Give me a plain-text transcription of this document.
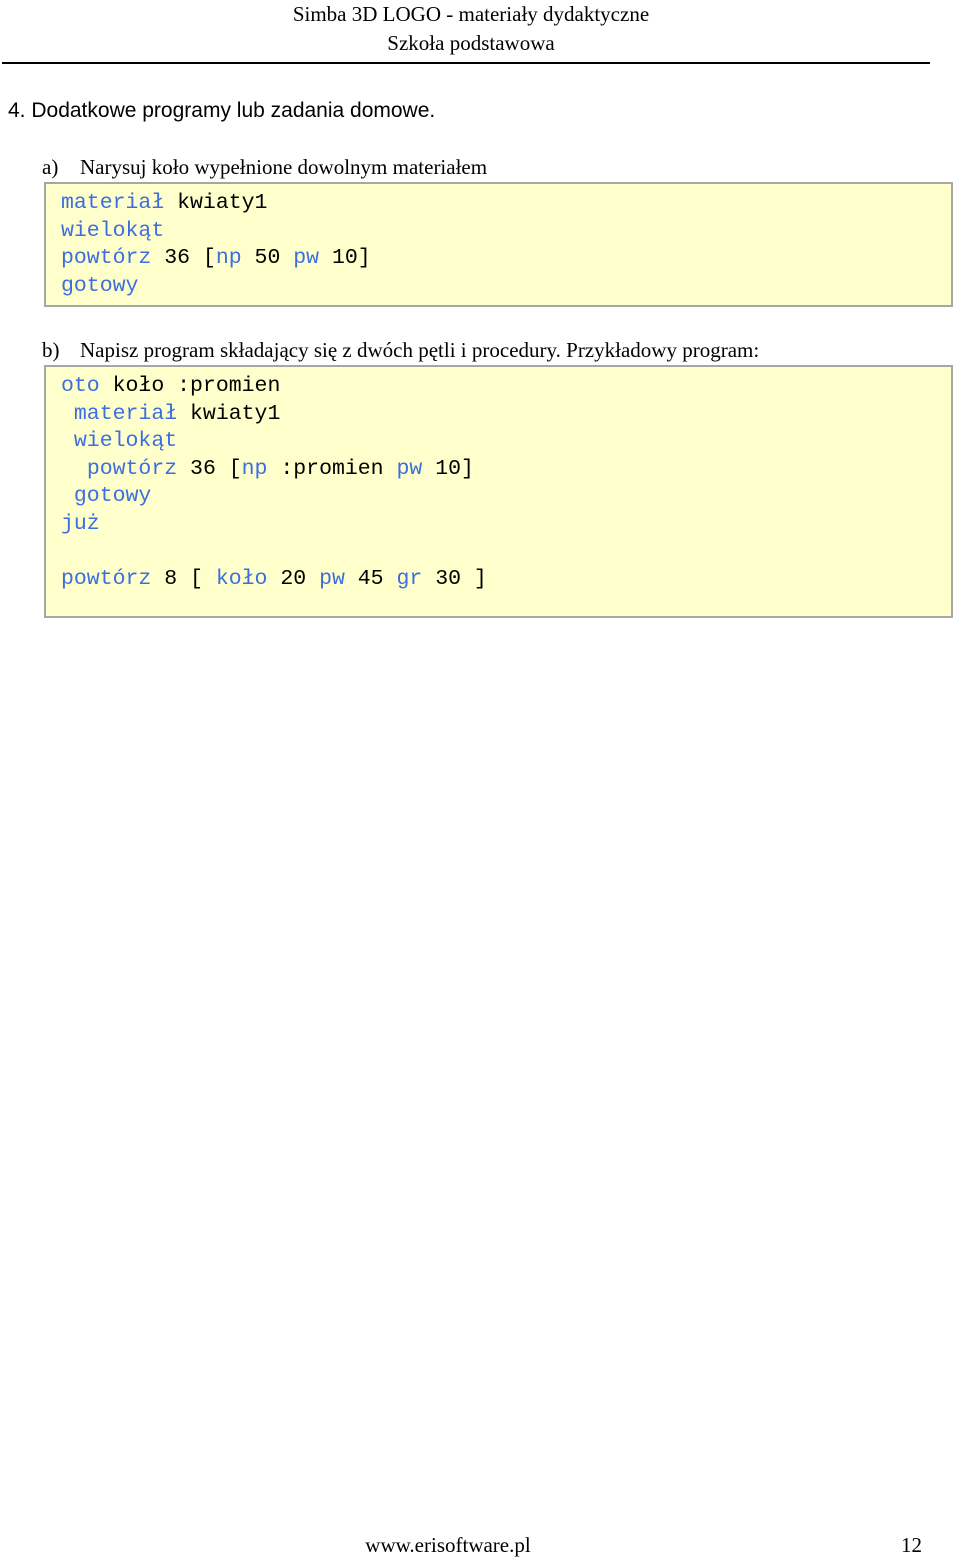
Simba 3D LOGO - materiały dydaktyczne
Szkoła podstawowa
4. Dodatkowe programy lub zadania domowe.
a) Narysuj koło wypełnione dowolnym materiałem
materiał kwiaty1
wielokąt
powtórz 36 [np 50 pw 10]
gotowy
b) Napisz program składający się z dwóch pętli i procedury. Przykładowy program:
oto koło :promien
materiał kwiaty1
wielokąt
powtórz 36 [np :promien pw 10]
gotowy
już
powtórz 8 [ koło 20 pw 45 gr 30 ]
www.erisoftware.pl	12
